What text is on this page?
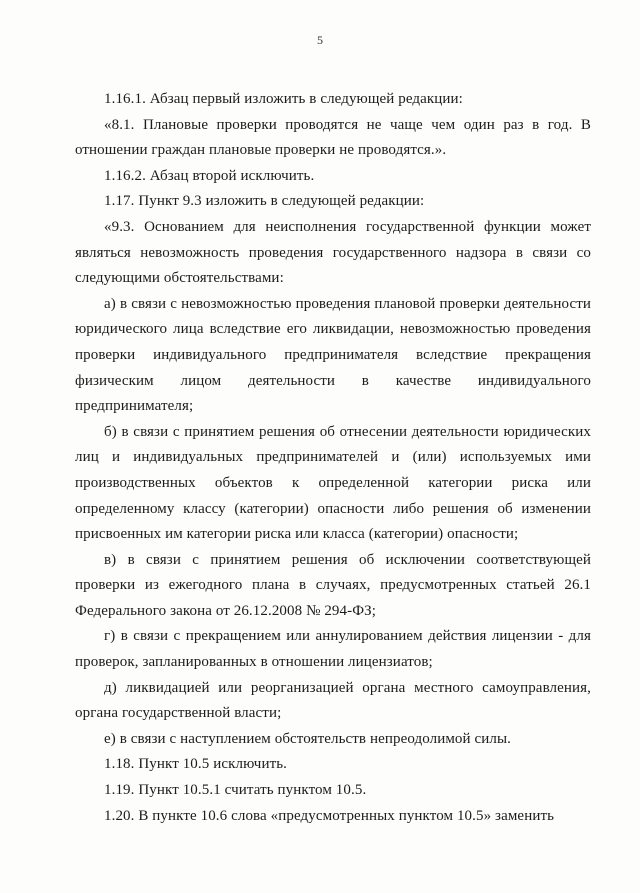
5

1.16.1. Абзац первый изложить в следующей редакции:

«8.1. Плановые проверки проводятся не чаще чем один раз в год. В отношении граждан плановые проверки не проводятся.».

1.16.2. Абзац второй исключить.

1.17. Пункт 9.3 изложить в следующей редакции:

«9.3. Основанием для неисполнения государственной функции может являться невозможность проведения государственного надзора в связи со следующими обстоятельствами:

а) в связи с невозможностью проведения плановой проверки деятельности юридического лица вследствие его ликвидации, невозможностью проведения проверки индивидуального предпринимателя вследствие прекращения физическим лицом деятельности в качестве индивидуального предпринимателя;

б) в связи с принятием решения об отнесении деятельности юридических лиц и индивидуальных предпринимателей и (или) используемых ими производственных объектов к определенной категории риска или определенному классу (категории) опасности либо решения об изменении присвоенных им категории риска или класса (категории) опасности;

в) в связи с принятием решения об исключении соответствующей проверки из ежегодного плана в случаях, предусмотренных статьей 26.1 Федерального закона от 26.12.2008 № 294-ФЗ;

г) в связи с прекращением или аннулированием действия лицензии - для проверок, запланированных в отношении лицензиатов;

д) ликвидацией или реорганизацией органа местного самоуправления, органа государственной власти;

е) в связи с наступлением обстоятельств непреодолимой силы.

1.18. Пункт 10.5 исключить.

1.19. Пункт 10.5.1 считать пунктом 10.5.

1.20. В пункте 10.6 слова «предусмотренных пунктом 10.5» заменить
